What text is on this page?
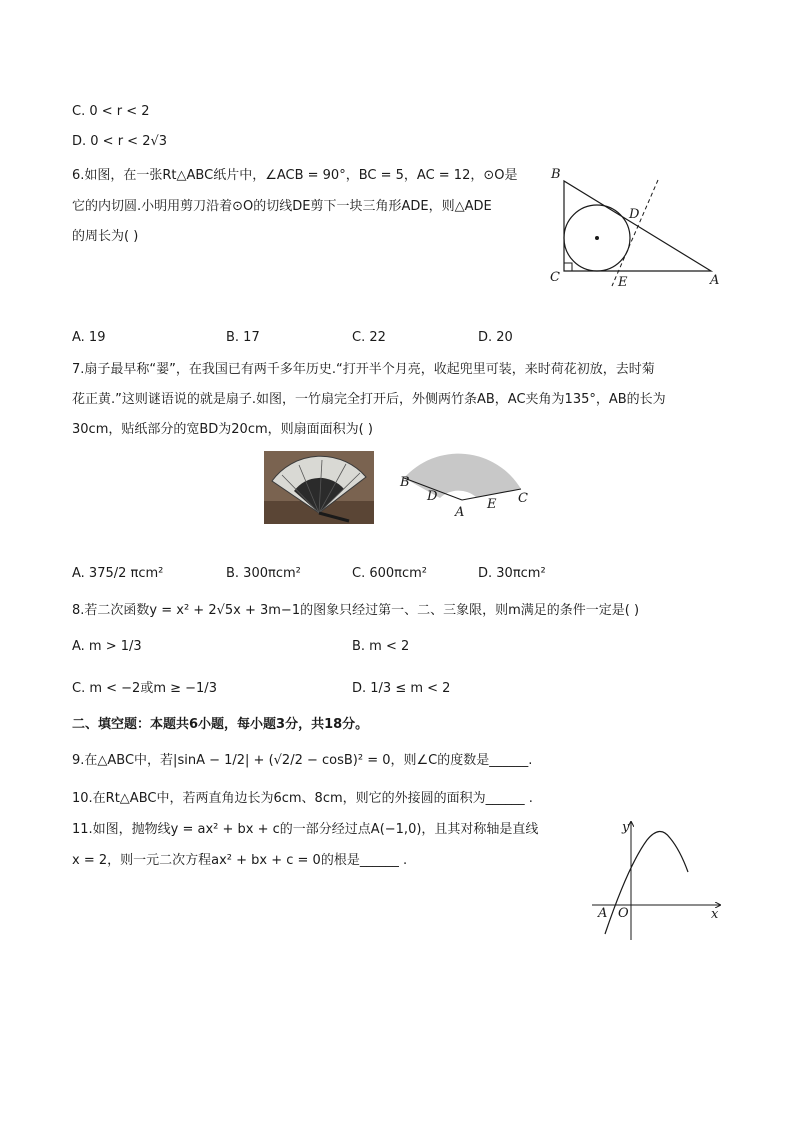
C. 0 < r < 2
D. 0 < r < 2√3
6.如图，在一张Rt△ABC纸片中，∠ACB = 90°，BC = 5，AC = 12，⊙O是
它的内切圆.小明用剪刀沿着⊙O的切线DE剪下一块三角形ADE，则△ADE
的周长为( )
B
C	A
D
E
A. 19	B. 17	C. 22	D. 20
7.扇子最早称“翣”，在我国已有两千多年历史.“打开半个月亮，收起兜里可装，来时荷花初放，去时菊
花正黄.”这则谜语说的就是扇子.如图，一竹扇完全打开后，外侧两竹条AB，AC夹角为135°，AB的长为
30cm，贴纸部分的宽BD为20cm，则扇面面积为( )
B
D
A
E C
A. 375/2 πcm²	B. 300πcm²	C. 600πcm²	D. 30πcm²
8.若二次函数y = x² + 2√5x + 3m−1的图象只经过第一、二、三象限，则m满足的条件一定是( )
A. m > 1/3	B. m < 2
C. m < −2或m ≥ −1/3	D. 1/3 ≤ m < 2
二、填空题：本题共6小题，每小题3分，共18分。
9.在△ABC中，若|sinA − 1/2| + (√2/2 − cosB)² = 0，则∠C的度数是______.
10.在Rt△ABC中，若两直角边长为6cm、8cm，则它的外接圆的面积为______ .
11.如图，抛物线y = ax² + bx + c的一部分经过点A(−1,0)，且其对称轴是直线
x = 2，则一元二次方程ax² + bx + c = 0的根是______ .
y
x
A O
